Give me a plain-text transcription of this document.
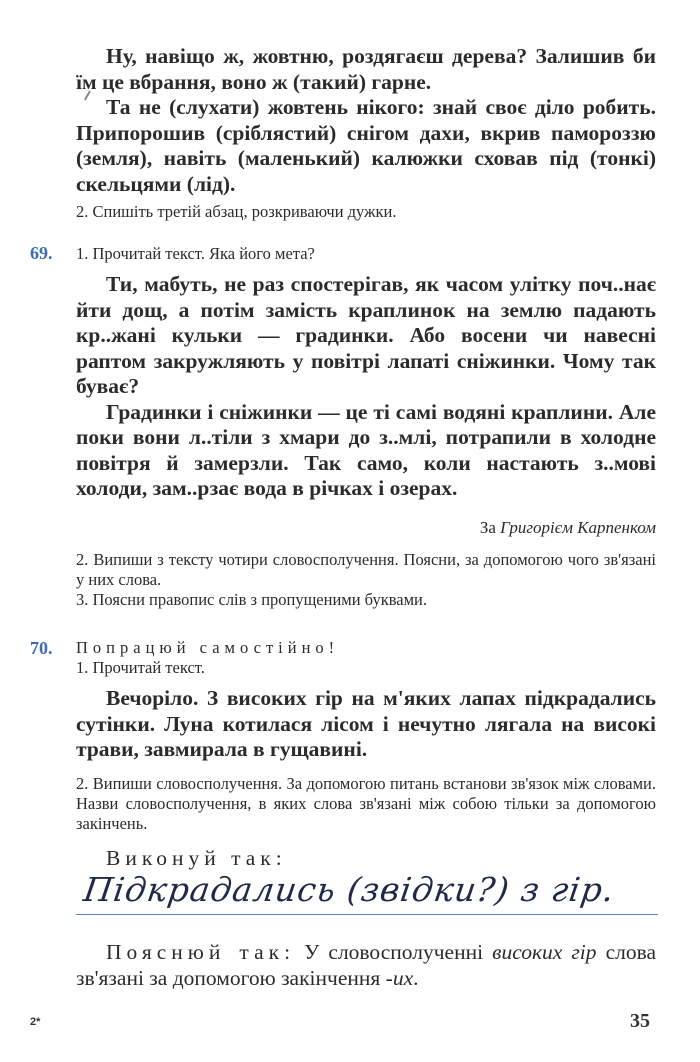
Ну, навіщо ж, жовтню, роздягаєш дерева? Залишив би їм це вбрання, воно ж (такий) гарне.

Та не (слухати) жовтень нікого: знай своє діло робить. Припорошив (сріблястий) снігом дахи, вкрив памороззю (земля), навіть (маленький) калюжки сховав під (тонкі) скельцями (лід).

2. Спишіть третій абзац, розкриваючи дужки.

69. 1. Прочитай текст. Яка його мета?

Ти, мабуть, не раз спостерігав, як часом улітку поч..нає йти дощ, а потім замість краплинок на землю падають кр..жані кульки — градинки. Або восени чи навесні раптом закружляють у повітрі лапаті сніжинки. Чому так буває?

Градинки і сніжинки — це ті самі водяні краплини. Але поки вони л..тіли з хмари до з..млі, потрапили в холодне повітря й замерзли. Так само, коли настають з..мові холоди, зам..рзає вода в річках і озерах.

За Григорієм Карпенком

2. Випиши з тексту чотири словосполучення. Поясни, за допомогою чого зв'язані у них слова.

3. Поясни правопис слів з пропущеними буквами.

70. Попрацюй самостійно!

1. Прочитай текст.

Вечоріло. З високих гір на м'яких лапах підкрадались сутінки. Луна котилася лісом і нечутно лягала на високі трави, завмирала в гущавині.

2. Випиши словосполучення. За допомогою питань встанови зв'язок між словами. Назви словосполучення, в яких слова зв'язані між собою тільки за допомогою закінчень.

Виконуй так:

Підкрадались (звідки?) з гір.

Пояснюй так: У словосполученні високих гір слова зв'язані за допомогою закінчення -их.

2*	35
